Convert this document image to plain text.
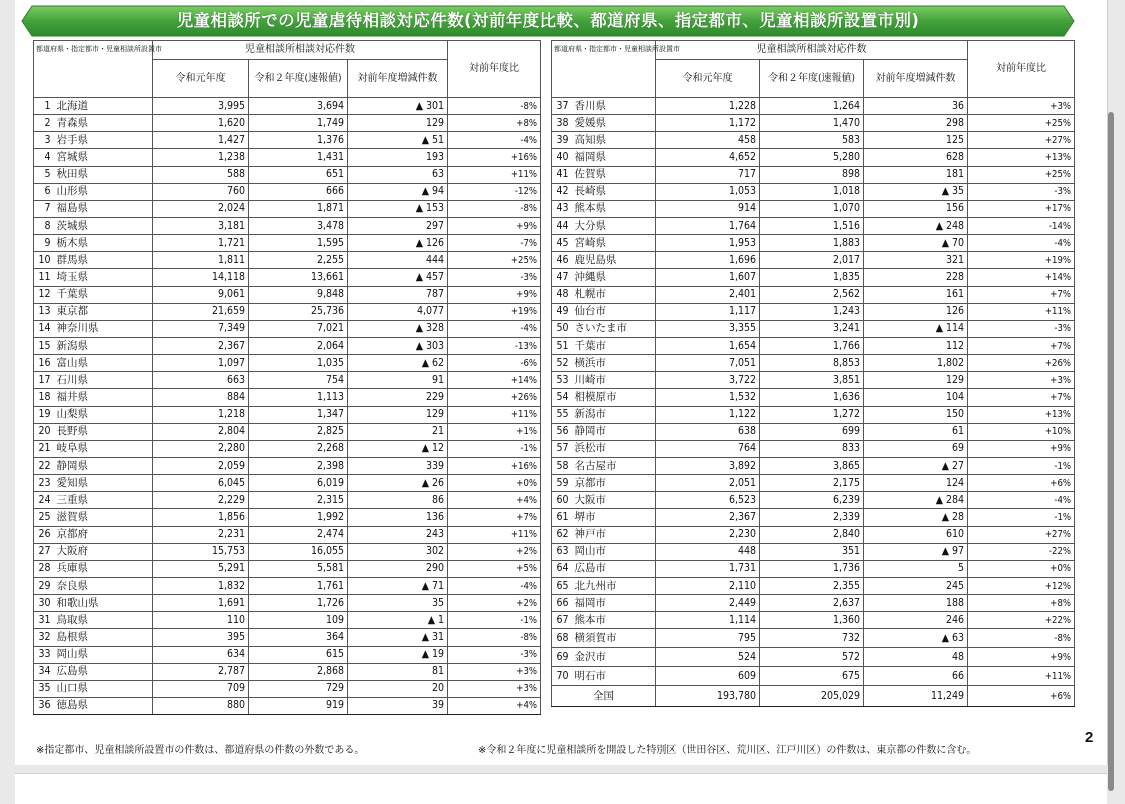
児童相談所での児童虐待相談対応件数(対前年度比較、都道府県、指定都市、児童相談所設置市別)
都道府県・指定都市・児童相談所設置市		児童相談所相談対応件数			対前年度比
		令和元年度	令和２年度(速報値)	対前年度増減件数	
1	北海道	3,995	3,694	▲ 301	-8%
2	青森県	1,620	1,749	129	+8%
3	岩手県	1,427	1,376	▲ 51	-4%
4	宮城県	1,238	1,431	193	+16%
5	秋田県	588	651	63	+11%
6	山形県	760	666	▲ 94	-12%
7	福島県	2,024	1,871	▲ 153	-8%
8	茨城県	3,181	3,478	297	+9%
9	栃木県	1,721	1,595	▲ 126	-7%
10	群馬県	1,811	2,255	444	+25%
11	埼玉県	14,118	13,661	▲ 457	-3%
12	千葉県	9,061	9,848	787	+9%
13	東京都	21,659	25,736	4,077	+19%
14	神奈川県	7,349	7,021	▲ 328	-4%
15	新潟県	2,367	2,064	▲ 303	-13%
16	富山県	1,097	1,035	▲ 62	-6%
17	石川県	663	754	91	+14%
18	福井県	884	1,113	229	+26%
19	山梨県	1,218	1,347	129	+11%
20	長野県	2,804	2,825	21	+1%
21	岐阜県	2,280	2,268	▲ 12	-1%
22	静岡県	2,059	2,398	339	+16%
23	愛知県	6,045	6,019	▲ 26	+0%
24	三重県	2,229	2,315	86	+4%
25	滋賀県	1,856	1,992	136	+7%
26	京都府	2,231	2,474	243	+11%
27	大阪府	15,753	16,055	302	+2%
28	兵庫県	5,291	5,581	290	+5%
29	奈良県	1,832	1,761	▲ 71	-4%
30	和歌山県	1,691	1,726	35	+2%
31	鳥取県	110	109	▲ 1	-1%
32	島根県	395	364	▲ 31	-8%
33	岡山県	634	615	▲ 19	-3%
34	広島県	2,787	2,868	81	+3%
35	山口県	709	729	20	+3%
36	徳島県	880	919	39	+4%
都道府県・指定都市・児童相談所設置市		児童相談所相談対応件数			対前年度比
		令和元年度	令和２年度(速報値)	対前年度増減件数	
37	香川県	1,228	1,264	36	+3%
38	愛媛県	1,172	1,470	298	+25%
39	高知県	458	583	125	+27%
40	福岡県	4,652	5,280	628	+13%
41	佐賀県	717	898	181	+25%
42	長崎県	1,053	1,018	▲ 35	-3%
43	熊本県	914	1,070	156	+17%
44	大分県	1,764	1,516	▲ 248	-14%
45	宮崎県	1,953	1,883	▲ 70	-4%
46	鹿児島県	1,696	2,017	321	+19%
47	沖縄県	1,607	1,835	228	+14%
48	札幌市	2,401	2,562	161	+7%
49	仙台市	1,117	1,243	126	+11%
50	さいたま市	3,355	3,241	▲ 114	-3%
51	千葉市	1,654	1,766	112	+7%
52	横浜市	7,051	8,853	1,802	+26%
53	川崎市	3,722	3,851	129	+3%
54	相模原市	1,532	1,636	104	+7%
55	新潟市	1,122	1,272	150	+13%
56	静岡市	638	699	61	+10%
57	浜松市	764	833	69	+9%
58	名古屋市	3,892	3,865	▲ 27	-1%
59	京都市	2,051	2,175	124	+6%
60	大阪市	6,523	6,239	▲ 284	-4%
61	堺市	2,367	2,339	▲ 28	-1%
62	神戸市	2,230	2,840	610	+27%
63	岡山市	448	351	▲ 97	-22%
64	広島市	1,731	1,736	5	+0%
65	北九州市	2,110	2,355	245	+12%
66	福岡市	2,449	2,637	188	+8%
67	熊本市	1,114	1,360	246	+22%
68	横須賀市	795	732	▲ 63	-8%
69	金沢市	524	572	48	+9%
70	明石市	609	675	66	+11%
全国		193,780	205,029	11,249	+6%
※指定都市、児童相談所設置市の件数は、都道府県の件数の外数である。	※令和２年度に児童相談所を開設した特別区（世田谷区、荒川区、江戸川区）の件数は、東京都の件数に含む。
2
